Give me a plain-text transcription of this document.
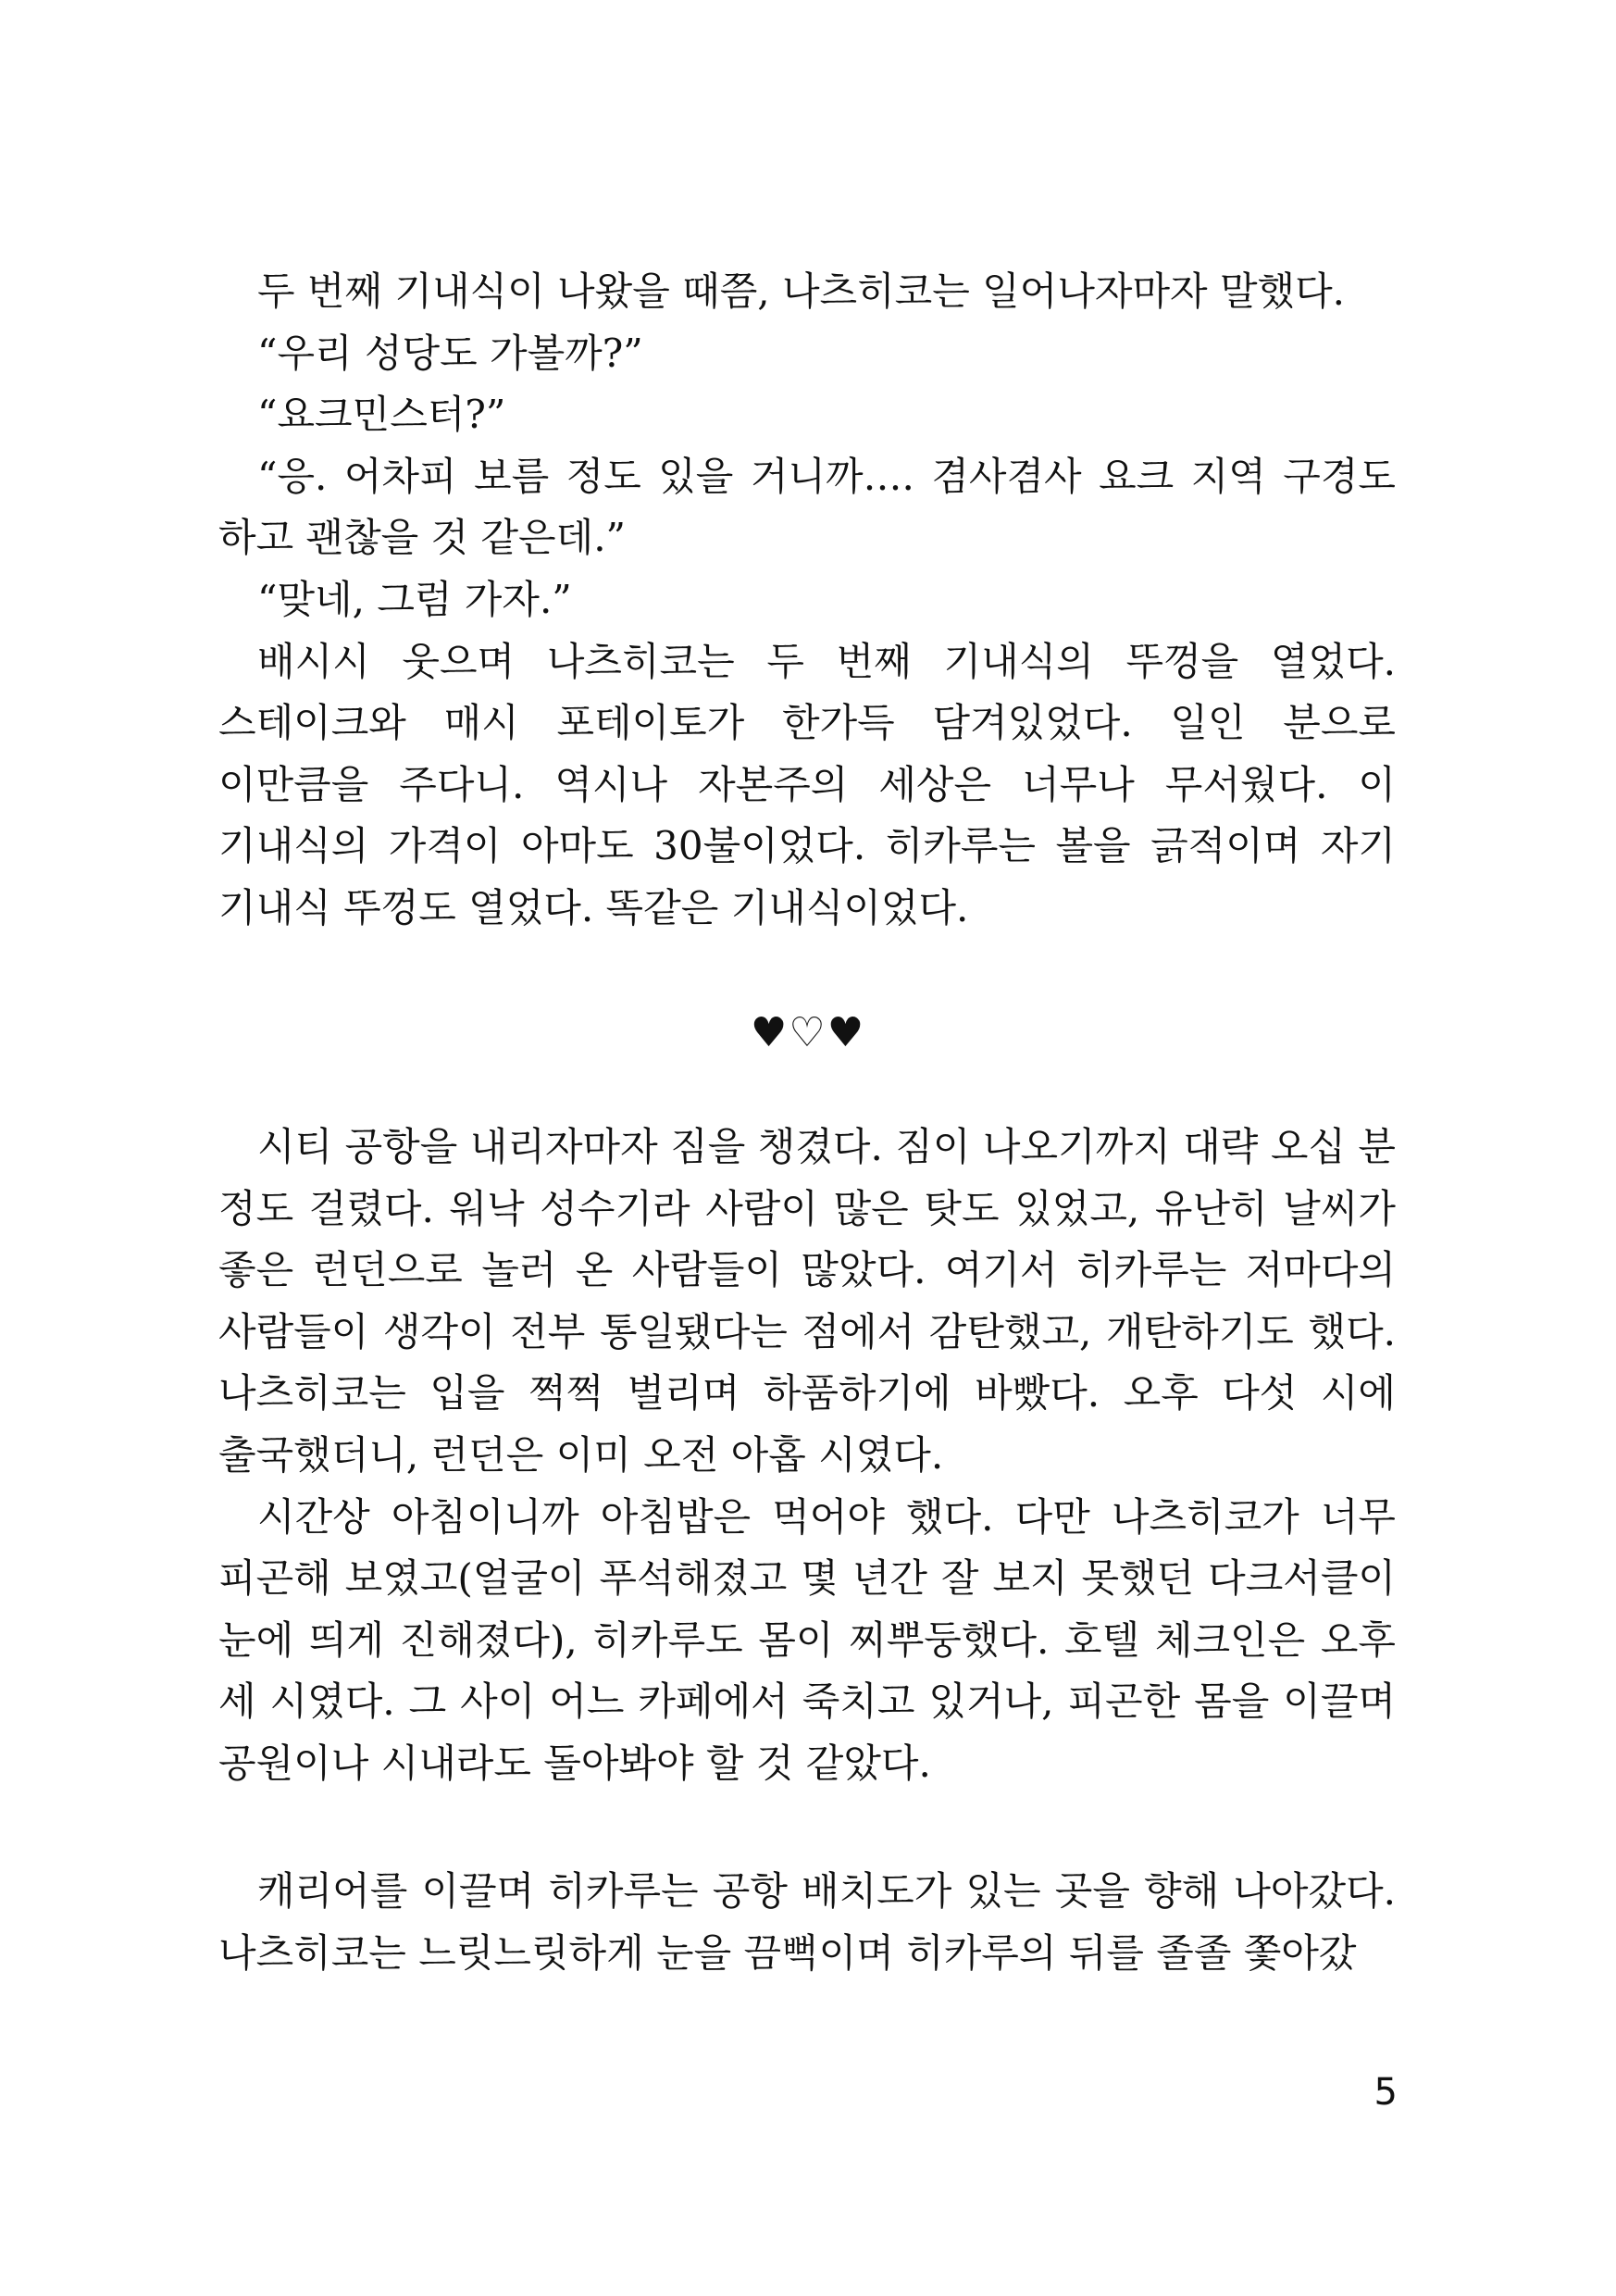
두 번째 기내식이 나왔을 때쯤, 나츠히코는 일어나자마자 말했다.

“우리 성당도 가볼까?”

“요크민스터?”

“응. 어차피 보름 정도 있을 거니까…. 겸사겸사 요크 지역 구경도 하고 괜찮을 것 같은데.”

“맞네, 그럼 가자.”

배시시 웃으며 나츠히코는 두 번째 기내식의 뚜껑을 열었다. 스테이크와 매시 포테이토가 한가득 담겨있었다. 일인 분으로 이만큼을 주다니. 역시나 자본주의 세상은 너무나 무서웠다. 이 기내식의 가격이 아마도 30불이었다. 히카루는 볼을 긁적이며 자기 기내식 뚜껑도 열었다. 똑같은 기내식이었다.

♥♡♥

시티 공항을 내리자마자 짐을 챙겼다. 짐이 나오기까지 대략 오십 분 정도 걸렸다. 워낙 성수기라 사람이 많은 탓도 있었고, 유난히 날씨가 좋은 런던으로 놀러 온 사람들이 많았다. 여기서 히카루는 저마다의 사람들이 생각이 전부 통일됐다는 점에서 감탄했고, 개탄하기도 했다. 나츠히코는 입을 쩍쩍 벌리며 하품하기에 바빴다. 오후 다섯 시에 출국했더니, 런던은 이미 오전 아홉 시였다.

시간상 아침이니까 아침밥은 먹어야 했다. 다만 나츠히코가 너무 피곤해 보였고(얼굴이 푸석해졌고 몇 년간 잘 보지 못했던 다크서클이 눈에 띄게 진해졌다), 히카루도 몸이 찌뿌둥했다. 호텔 체크인은 오후 세 시였다. 그 사이 어느 카페에서 죽치고 있거나, 피곤한 몸을 이끌며 공원이나 시내라도 돌아봐야 할 것 같았다.

캐리어를 이끌며 히카루는 공항 배치도가 있는 곳을 향해 나아갔다. 나츠히코는 느릿느릿하게 눈을 끔뻑이며 히카루의 뒤를 졸졸 쫓아갔

5
